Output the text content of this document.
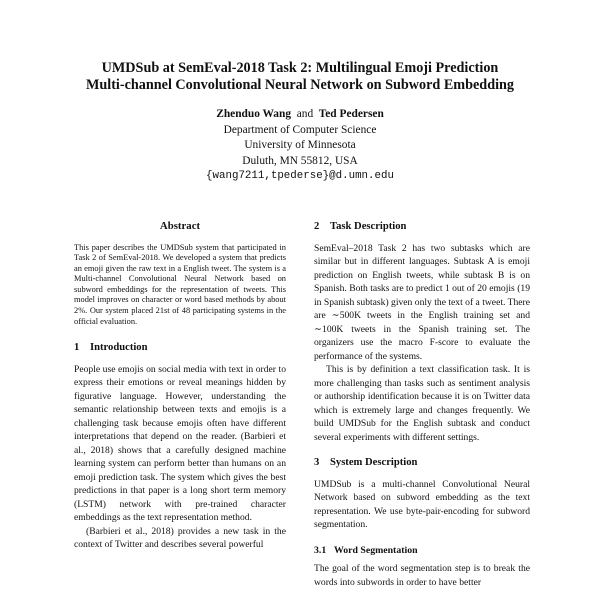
UMDSub at SemEval-2018 Task 2: Multilingual Emoji Prediction
Multi-channel Convolutional Neural Network on Subword Embedding
Zhenduo Wang and Ted Pedersen
Department of Computer Science
University of Minnesota
Duluth, MN 55812, USA
{wang7211,tpederse}@d.umn.edu
Abstract

This paper describes the UMDSub system that participated in Task 2 of SemEval-2018. We developed a system that predicts an emoji given the raw text in a English tweet. The system is a Multi-channel Convolutional Neural Network based on subword embeddings for the representation of tweets. This model improves on character or word based methods by about 2%. Our system placed 21st of 48 participating systems in the official evaluation.

1 Introduction

People use emojis on social media with text in order to express their emotions or reveal meanings hidden by figurative language. However, understanding the semantic relationship between texts and emojis is a challenging task because emojis often have different interpretations that depend on the reader. (Barbieri et al., 2018) shows that a carefully designed machine learning system can perform better than humans on an emoji prediction task. The system which gives the best predictions in that paper is a long short term memory (LSTM) network with pre-trained character embeddings as the text representation method.

(Barbieri et al., 2018) provides a new task in the context of Twitter and describes several powerful

2 Task Description

SemEval–2018 Task 2 has two subtasks which are similar but in different languages. Subtask A is emoji prediction on English tweets, while subtask B is on Spanish. Both tasks are to predict 1 out of 20 emojis (19 in Spanish subtask) given only the text of a tweet. There are ∼500K tweets in the English training set and ∼100K tweets in the Spanish training set. The organizers use the macro F-score to evaluate the performance of the systems.

This is by definition a text classification task. It is more challenging than tasks such as sentiment analysis or authorship identification because it is on Twitter data which is extremely large and changes frequently. We build UMDSub for the English subtask and conduct several experiments with different settings.

3 System Description

UMDSub is a multi-channel Convolutional Neural Network based on subword embedding as the text representation. We use byte-pair-encoding for subword segmentation.

3.1 Word Segmentation

The goal of the word segmentation step is to break the words into subwords in order to have better
